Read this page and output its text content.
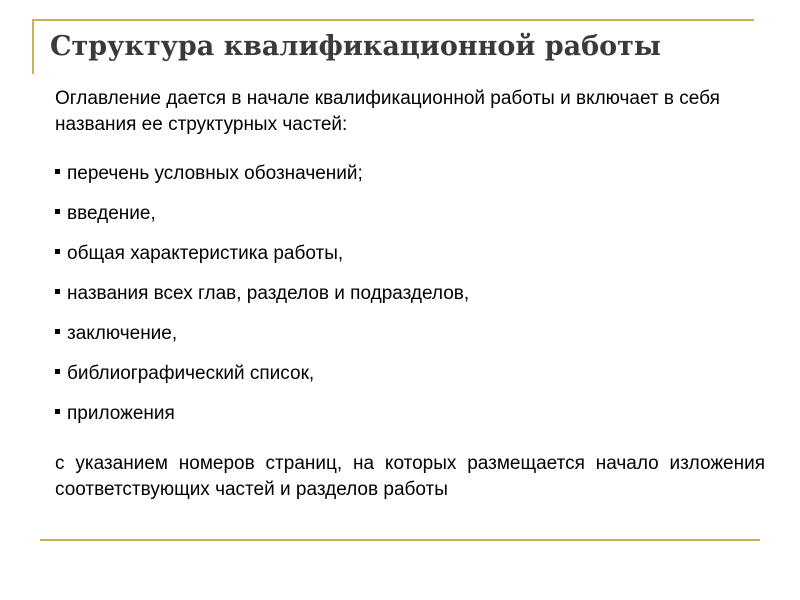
Структура квалификационной работы

Оглавление дается в начале квалификационной работы и включает в себя названия ее структурных частей:

перечень условных обозначений;
введение,
общая характеристика работы,
названия всех глав, разделов и подразделов,
заключение,
библиографический список,
приложения

с указанием номеров страниц, на которых размещается начало изложения соответствующих частей и разделов работы
